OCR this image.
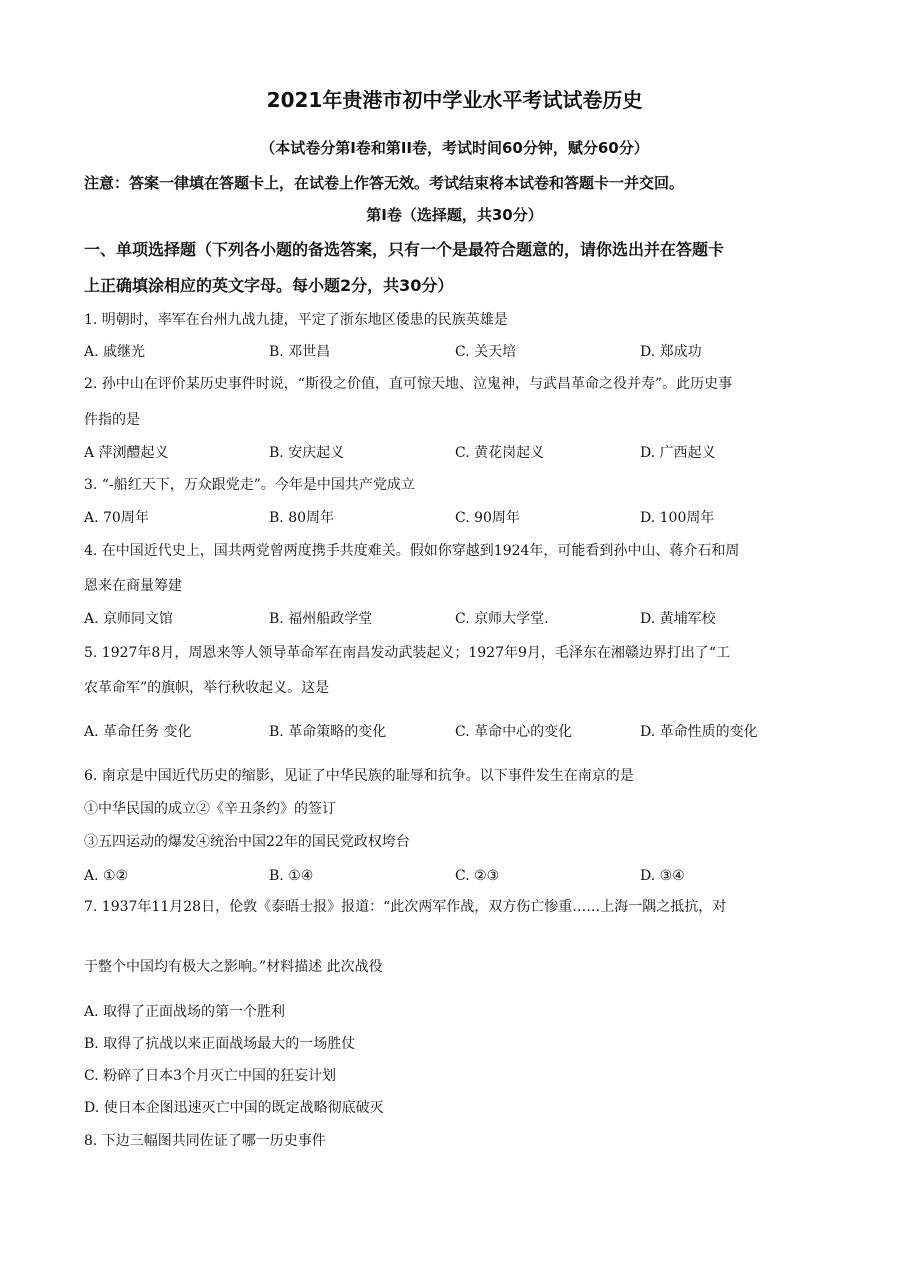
2021年贵港市初中学业水平考试试卷历史
（本试卷分第Ⅰ卷和第II卷，考试时间60分钟，赋分60分）
注意：答案一律填在答题卡上，在试卷上作答无效。考试结束将本试卷和答题卡一并交回。
第Ⅰ卷（选择题，共30分）
一、单项选择题（下列各小题的备选答案，只有一个是最符合题意的，请你选出并在答题卡
上正确填涂相应的英文字母。每小题2分，共30分）
1. 明朝时，率军在台州九战九捷，平定了浙东地区倭患的民族英雄是
A. 戚继光	B. 邓世昌	C. 关天培	D. 郑成功
2. 孙中山在评价某历史事件时说，“斯役之价值，直可惊天地、泣鬼神，与武昌革命之役并寿”。此历史事
件指的是
A 萍浏醴起义	B. 安庆起义	C. 黄花岗起义	D. 广西起义
3. “-船红天下，万众跟党走”。今年是中国共产党成立
A. 70周年	B. 80周年	C. 90周年	D. 100周年
4. 在中国近代史上，国共两党曾两度携手共度难关。假如你穿越到1924年，可能看到孙中山、蒋介石和周
恩来在商量筹建
A. 京师同文馆	B. 福州船政学堂	C. 京师大学堂.	D. 黄埔军校
5. 1927年8月，周恩来等人领导革命军在南昌发动武装起义；1927年9月，毛泽东在湘赣边界打出了“工
农革命军”的旗帜，举行秋收起义。这是
A. 革命任务 变化	B. 革命策略的变化	C. 革命中心的变化	D. 革命性质的变化
6. 南京是中国近代历史的缩影，见证了中华民族的耻辱和抗争。以下事件发生在南京的是
①中华民国的成立②《辛丑条约》的签订
③五四运动的爆发④统治中国22年的国民党政权垮台
A. ①②	B. ①④	C. ②③	D. ③④
7. 1937年11月28日，伦敦《泰晤士报》报道：“此次两军作战，双方伤亡惨重……上海一隅之抵抗，对
于整个中国均有极大之影响。”材料描述 此次战役
A. 取得了正面战场的第一个胜利
B. 取得了抗战以来正面战场最大的一场胜仗
C. 粉碎了日本3个月灭亡中国的狂妄计划
D. 使日本企图迅速灭亡中国的既定战略彻底破灭
8. 下边三幅图共同佐证了哪一历史事件
